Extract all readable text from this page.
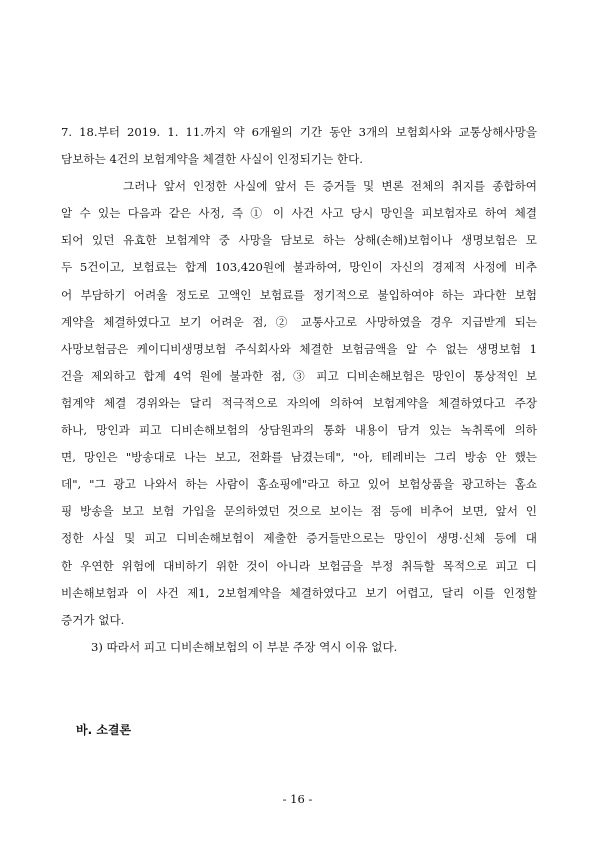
7. 18.부터 2019. 1. 11.까지 약 6개월의 기간 동안 3개의 보험회사와 교통상해사망을
담보하는 4건의 보험계약을 체결한 사실이 인정되기는 한다.
그러나 앞서 인정한 사실에 앞서 든 증거들 및 변론 전체의 취지를 종합하여
알 수 있는 다음과 같은 사정, 즉 ① 이 사건 사고 당시 망인을 피보험자로 하여 체결
되어 있던 유효한 보험계약 중 사망을 담보로 하는 상해(손해)보험이나 생명보험은 모
두 5건이고, 보험료는 합계 103,420원에 불과하여, 망인이 자신의 경제적 사정에 비추
어 부담하기 어려울 정도로 고액인 보험료를 정기적으로 불입하여야 하는 과다한 보험
계약을 체결하였다고 보기 어려운 점, ② 교통사고로 사망하였을 경우 지급받게 되는
사망보험금은 케이디비생명보험 주식회사와 체결한 보험금액을 알 수 없는 생명보험 1
건을 제외하고 합계 4억 원에 불과한 점, ③ 피고 디비손해보험은 망인이 통상적인 보
험계약 체결 경위와는 달리 적극적으로 자의에 의하여 보험계약을 체결하였다고 주장
하나, 망인과 피고 디비손해보험의 상담원과의 통화 내용이 담겨 있는 녹취록에 의하
면, 망인은 "방송대로 나는 보고, 전화를 남겼는데", "아, 테레비는 그리 방송 안 했는
데", "그 광고 나와서 하는 사람이 홈쇼핑에"라고 하고 있어 보험상품을 광고하는 홈쇼
핑 방송을 보고 보험 가입을 문의하였던 것으로 보이는 점 등에 비추어 보면, 앞서 인
정한 사실 및 피고 디비손해보험이 제출한 증거들만으로는 망인이 생명·신체 등에 대
한 우연한 위험에 대비하기 위한 것이 아니라 보험금을 부정 취득할 목적으로 피고 디
비손해보험과 이 사건 제1, 2보험계약을 체결하였다고 보기 어렵고, 달리 이를 인정할
증거가 없다.
3) 따라서 피고 디비손해보험의 이 부분 주장 역시 이유 없다.
바. 소결론
- 16 -
